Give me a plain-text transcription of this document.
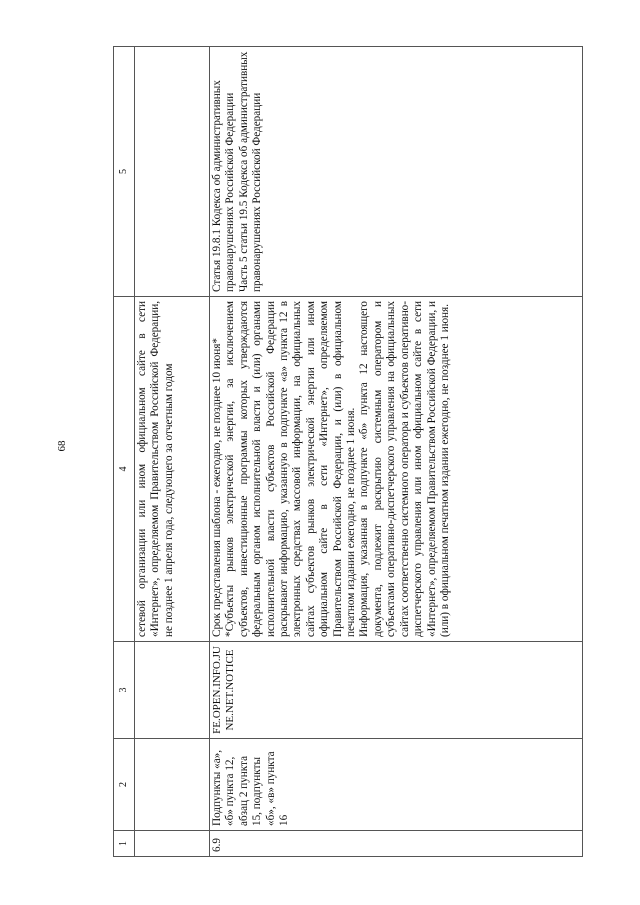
68
1	2	3	4	5
			сетевой организации или ином официальном сайте в сети «Интернет», определяемом Правительством Российской Федерации, не позднее 1 апреля года, следующего за отчетным годом	
6.9	Подпункты «а», «б» пункта 12, абзац 2 пункта 15, подпункты «б», «в» пункта 16	FE.OPEN.INFO.JUNE.NET.NOTICE	Срок представления шаблона - ежегодно, не позднее 10 июня* *Субъекты рынков электрической энергии, за исключением субъектов, инвестиционные программы которых утверждаются федеральным органом исполнительной власти и (или) органами исполнительной власти субъектов Российской Федерации раскрывают информацию, указанную в подпункте «а» пункта 12 в электронных средствах массовой информации, на официальных сайтах субъектов рынков электрической энергии или ином официальном сайте в сети «Интернет», определяемом Правительством Российской Федерации, и (или) в официальном печатном издании ежегодно, не позднее 1 июня. Информация, указанная в подпункте «б» пункта 12 настоящего документа, подлежит раскрытию системным оператором и субъектами оперативно-диспетчерского управления на официальных сайтах соответственно системного оператора и субъектов оперативно-диспетчерского управления или ином официальном сайте в сети «Интернет», определяемом Правительством Российской Федерации, и (или) в официальном печатном издании ежегодно, не позднее 1 июня.	Статья 19.8.1 Кодекса об административных правонарушениях Российской Федерации Часть 5 статьи 19.5 Кодекса об административных правонарушениях Российской Федерации
